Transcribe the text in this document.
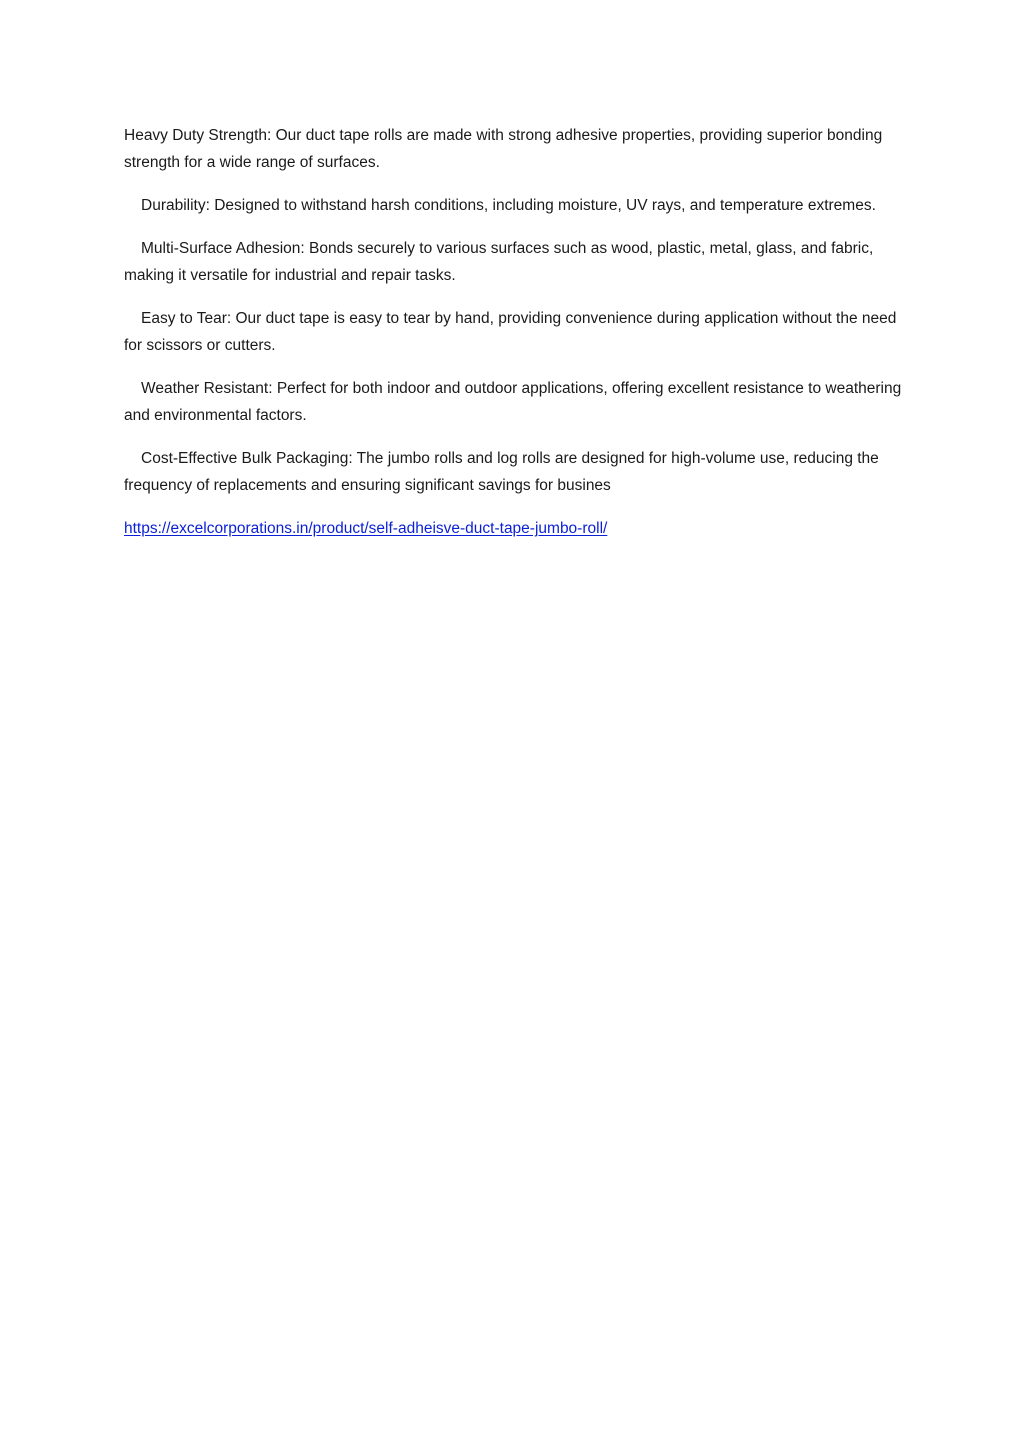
Heavy Duty Strength: Our duct tape rolls are made with strong adhesive properties, providing superior bonding strength for a wide range of surfaces.

Durability: Designed to withstand harsh conditions, including moisture, UV rays, and temperature extremes.

Multi-Surface Adhesion: Bonds securely to various surfaces such as wood, plastic, metal, glass, and fabric, making it versatile for industrial and repair tasks.

Easy to Tear: Our duct tape is easy to tear by hand, providing convenience during application without the need for scissors or cutters.

Weather Resistant: Perfect for both indoor and outdoor applications, offering excellent resistance to weathering and environmental factors.

Cost-Effective Bulk Packaging: The jumbo rolls and log rolls are designed for high-volume use, reducing the frequency of replacements and ensuring significant savings for busines

https://excelcorporations.in/product/self-adheisve-duct-tape-jumbo-roll/
